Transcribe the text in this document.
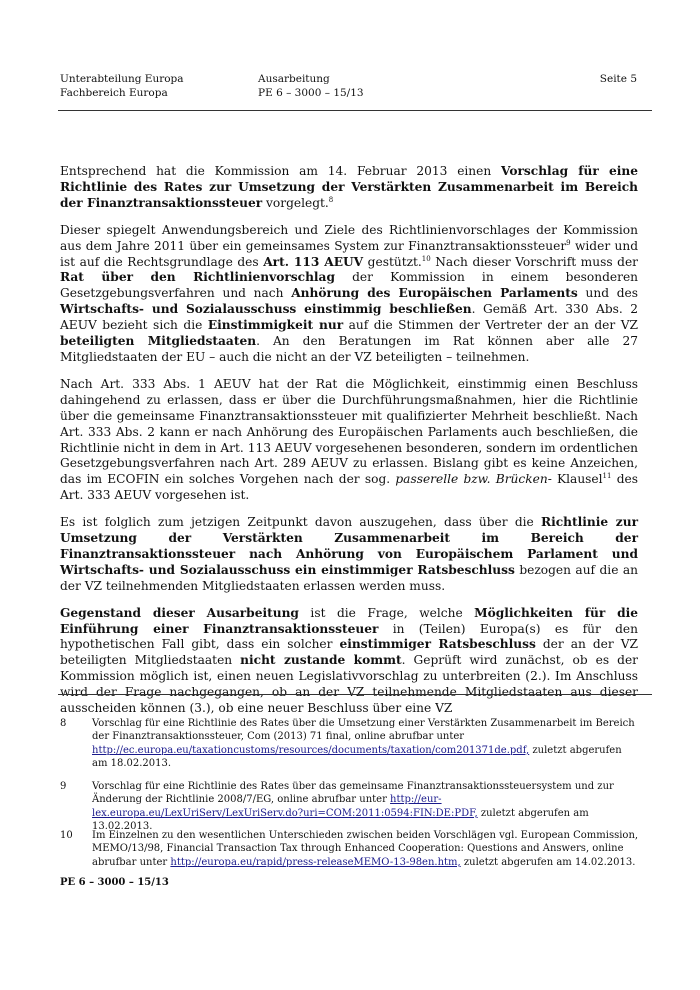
Unterabteilung Europa
Fachbereich Europa
Ausarbeitung
PE 6 – 3000 – 15/13
Seite 5

Entsprechend hat die Kommission am 14. Februar 2013 einen Vorschlag für eine Richtlinie des Rates zur Umsetzung der Verstärkten Zusammenarbeit im Bereich der Finanztransaktionssteuer vorgelegt.$^8$

Dieser spiegelt Anwendungsbereich und Ziele des Richtlinienvorschlages der Kommission aus dem Jahre 2011 über ein gemeinsames System zur Finanztransaktionssteuer$^9$ wider und ist auf die Rechtsgrundlage des Art. 113 AEUV gestützt.$^{10}$ Nach dieser Vorschrift muss der Rat über den Richtlinienvorschlag der Kommission in einem besonderen Gesetzgebungsverfahren und nach Anhörung des Europäischen Parlaments und des Wirtschafts- und Sozialausschuss einstimmig beschließen. Gemäß Art. 330 Abs. 2 AEUV bezieht sich die Einstimmigkeit nur auf die Stimmen der Vertreter der an der VZ beteiligten Mitgliedstaaten. An den Beratungen im Rat können aber alle 27 Mitgliedstaaten der EU – auch die nicht an der VZ beteiligten – teilnehmen.

Nach Art. 333 Abs. 1 AEUV hat der Rat die Möglichkeit, einstimmig einen Beschluss dahingehend zu erlassen, dass er über die Durchführungsmaßnahmen, hier die Richtlinie über die gemeinsame Finanztransaktionssteuer mit qualifizierter Mehrheit beschließt. Nach Art. 333 Abs. 2 kann er nach Anhörung des Europäischen Parlaments auch beschließen, die Richtlinie nicht in dem in Art. 113 AEUV vorgesehenen besonderen, sondern im ordentlichen Gesetzgebungsverfahren nach Art. 289 AEUV zu erlassen. Bislang gibt es keine Anzeichen, das im ECOFIN ein solches Vorgehen nach der sog. passerelle bzw. Brücken- Klausel$^{11}$ des Art. 333 AEUV vorgesehen ist.

Es ist folglich zum jetzigen Zeitpunkt davon auszugehen, dass über die Richtlinie zur Umsetzung der Verstärkten Zusammenarbeit im Bereich der Finanztransaktionssteuer nach Anhörung von Europäischem Parlament und Wirtschafts- und Sozialausschuss ein einstimmiger Ratsbeschluss bezogen auf die an der VZ teilnehmenden Mitgliedstaaten erlassen werden muss.

Gegenstand dieser Ausarbeitung ist die Frage, welche Möglichkeiten für die Einführung einer Finanztransaktionssteuer in (Teilen) Europa(s) es für den hypothetischen Fall gibt, dass ein solcher einstimmiger Ratsbeschluss der an der VZ beteiligten Mitgliedstaaten nicht zustande kommt. Geprüft wird zunächst, ob es der Kommission möglich ist, einen neuen Legislativvorschlag zu unterbreiten (2.). Im Anschluss wird der Frage nachgegangen, ob an der VZ teilnehmende Mitgliedstaaten aus dieser ausscheiden können (3.), ob eine neuer Beschluss über eine VZ

8	Vorschlag für eine Richtlinie des Rates über die Umsetzung einer Verstärkten Zusammenarbeit im Bereich der Finanztransaktionssteuer, Com (2013) 71 final, online abrufbar unter http://ec.europa.eu/taxationcustoms/resources/documents/taxation/com201371de.pdf, zuletzt abgerufen am 18.02.2013.
9	Vorschlag für eine Richtlinie des Rates über das gemeinsame Finanztransaktionssteuersystem und zur Änderung der Richtlinie 2008/7/EG, online abrufbar unter http://eur-lex.europa.eu/LexUriServ/LexUriServ.do?uri=COM:2011:0594:FIN:DE:PDF, zuletzt abgerufen am 13.02.2013.
10 Im Einzelnen zu den wesentlichen Unterschieden zwischen beiden Vorschlägen vgl. European Commission, MEMO/13/98, Financial Transaction Tax through Enhanced Cooperation: Questions and Answers, online abrufbar unter http://europa.eu/rapid/press-releaseMEMO-13-98en.htm, zuletzt abgerufen am 14.02.2013.
PE 6 – 3000 – 15/13
